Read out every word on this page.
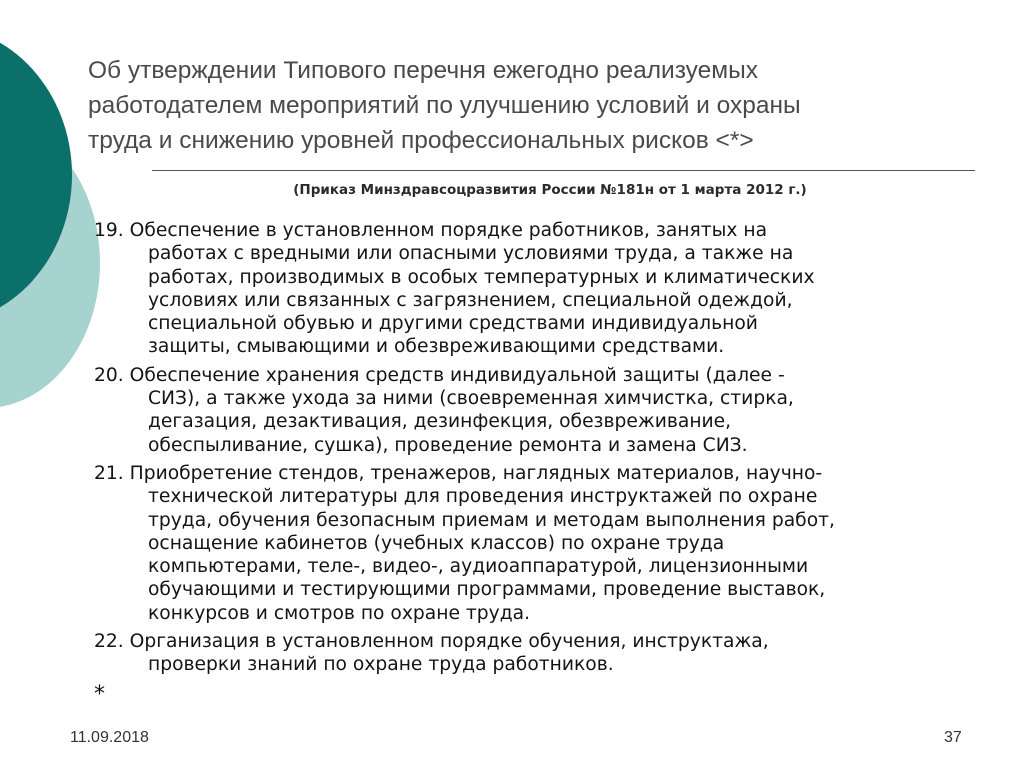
Об утверждении Типового перечня ежегодно реализуемых
работодателем мероприятий по улучшению условий и охраны
труда и снижению уровней профессиональных рисков <*>
(Приказ Минздравсоцразвития России №181н от 1 марта 2012 г.)
19. Обеспечение в установленном порядке работников, занятых на
работах с вредными или опасными условиями труда, а также на
работах, производимых в особых температурных и климатических
условиях или связанных с загрязнением, специальной одеждой,
специальной обувью и другими средствами индивидуальной
защиты, смывающими и обезвреживающими средствами.
20. Обеспечение хранения средств индивидуальной защиты (далее -
СИЗ), а также ухода за ними (своевременная химчистка, стирка,
дегазация, дезактивация, дезинфекция, обезвреживание,
обеспыливание, сушка), проведение ремонта и замена СИЗ.
21. Приобретение стендов, тренажеров, наглядных материалов, научно-
технической литературы для проведения инструктажей по охране
труда, обучения безопасным приемам и методам выполнения работ,
оснащение кабинетов (учебных классов) по охране труда
компьютерами, теле-, видео-, аудиоаппаратурой, лицензионными
обучающими и тестирующими программами, проведение выставок,
конкурсов и смотров по охране труда.
22. Организация в установленном порядке обучения, инструктажа,
проверки знаний по охране труда работников.
*
11.09.2018	37
